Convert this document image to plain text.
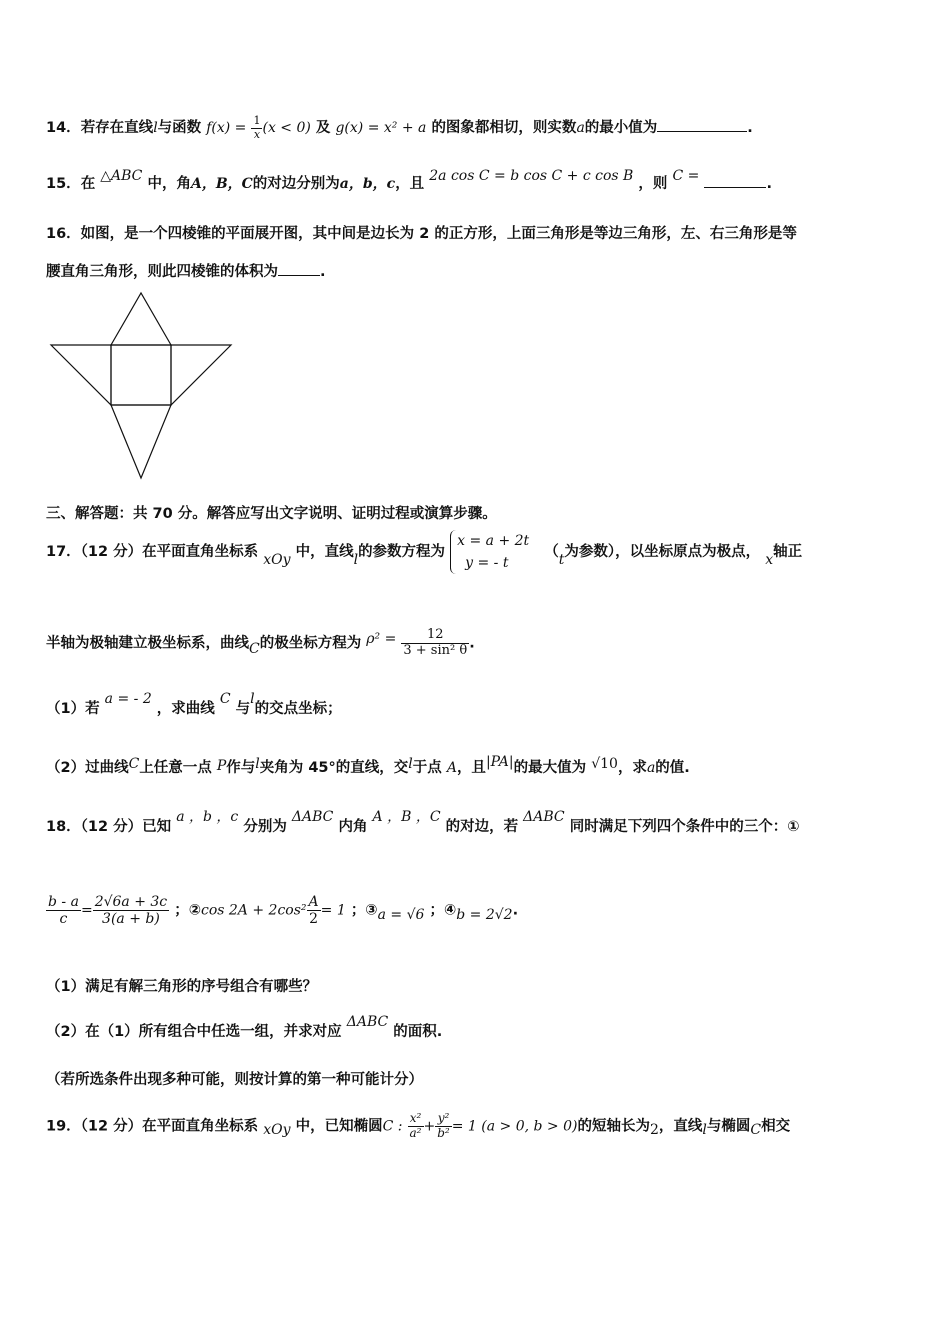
14．若存在直线l与函数 $f(x) = \frac{1}{x} (x < 0)$ 及 g(x) = x² + a 的图象都相切，则实数a的最小值为	.
15．在 △ABC 中，角A，B，C的对边分别为a，b，c，且 2a cos C = b cos C + c cos B ，则 C =	.
16．如图，是一个四棱锥的平面展开图，其中间是边长为 2 的正方形，上面三角形是等边三角形，左、右三角形是等
腰直角三角形，则此四棱锥的体积为	.
三、解答题：共 70 分。解答应写出文字说明、证明过程或演算步骤。
17．（12 分）在平面直角坐标系 xOy 中，直线l的参数方程为
x = a + 2t
y = - t
（t为参数），以坐标原点为极点， x轴正
半轴为极轴建立极坐标系，曲线C的极坐标方程为 $\rho^2 = \frac{12}{\text{3 + sin² θ}}$ .
（1）若 a = - 2 ，求曲线 C 与l的交点坐标；
（2）过曲线C上任意一点 P作与l夹角为 45°的直线，交l于点 A，且|PA|的最大值为 √10，求a的值.
18．（12 分）已知 a ，b ，c 分别为 ΔABC 内角 A ，B ，C 的对边，若 ΔABC 同时满足下列四个条件中的三个：①
$\frac{b - a}{c} = \frac{2√6a + 3c}{3(a + b)}$ ；②cos $2A + 2\cos^2 \frac{A}{2} = 1$ ；③a = √6 ；④b = 2√2.
（1）满足有解三角形的序号组合有哪些？
（2）在（1）所有组合中任选一组，并求对应 ΔABC 的面积.
（若所选条件出现多种可能，则按计算的第一种可能计分）
19．（12 分）在平面直角坐标系 xOy 中，已知椭圆C : $\frac{\text{x²}}{\text{a²}} + \frac{\text{y²}}{\text{b²}} = 1$ (a > 0, b > 0)的短轴长为2，直线l与椭圆C相交
